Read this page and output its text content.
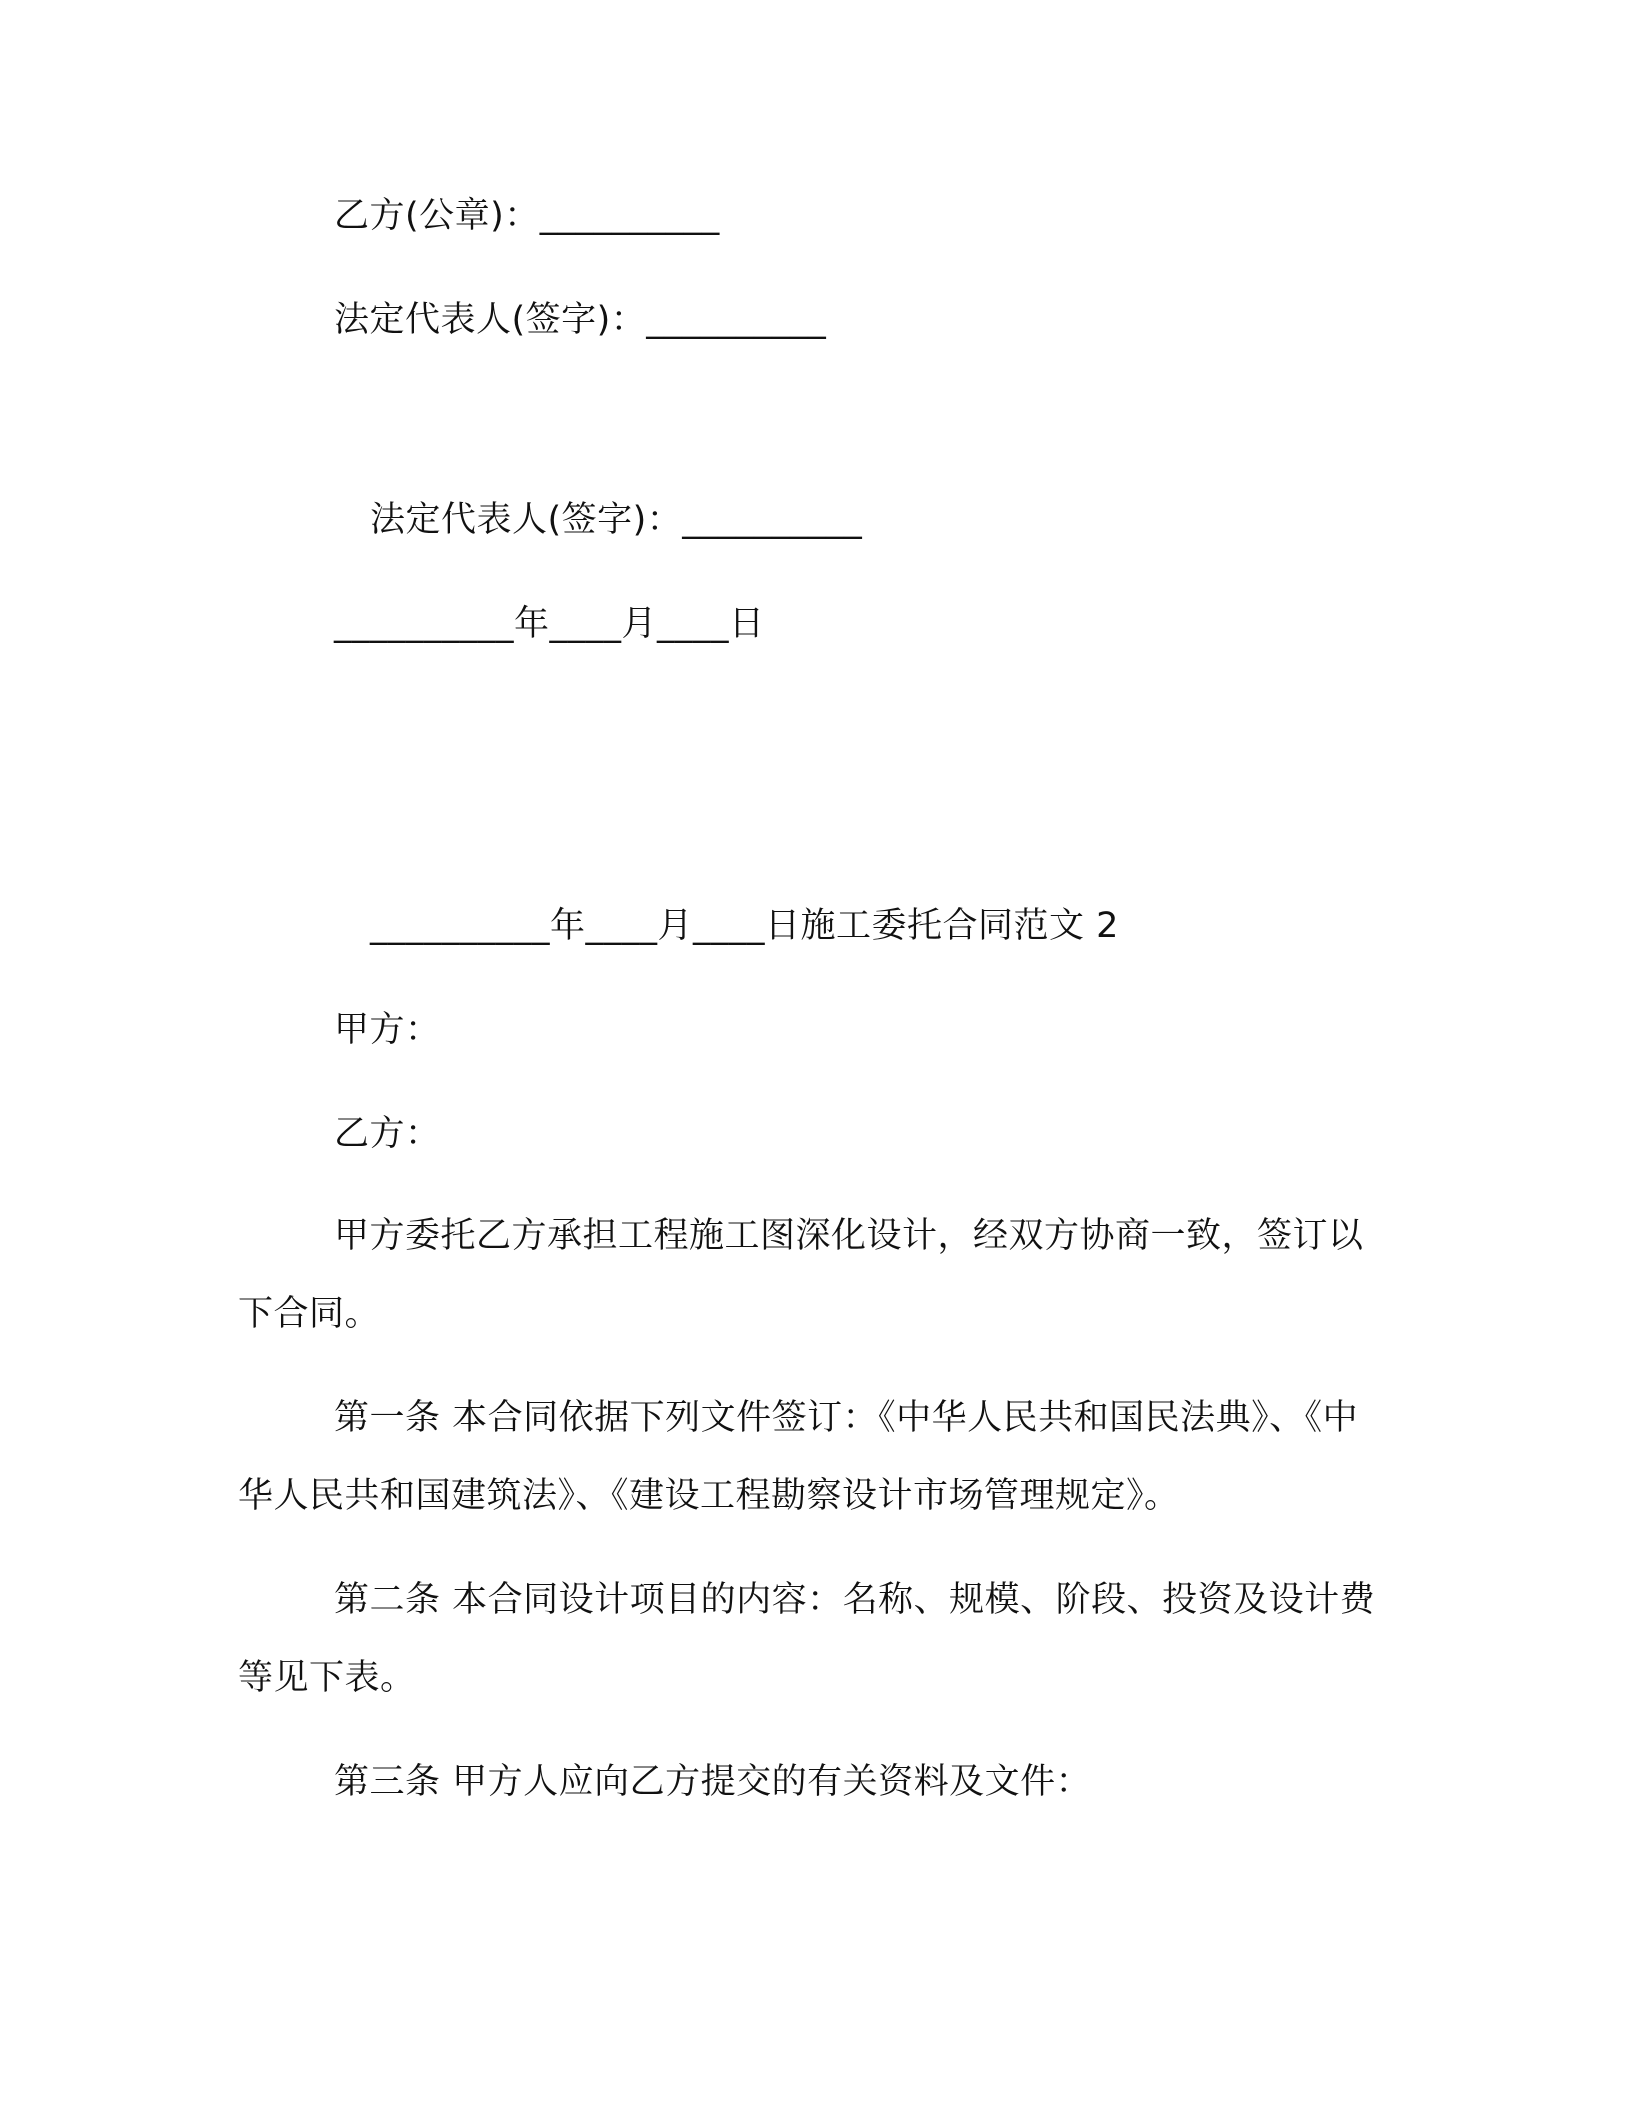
乙方(公章)：__________
法定代表人(签字)：__________
法定代表人(签字)：__________
__________年____月____日
__________年____月____日施工委托合同范文 2
甲方：
乙方：
甲方委托乙方承担工程施工图深化设计，经双方协商一致，签订以下合同。
第一条 本合同依据下列文件签订：《中华人民共和国民法典》、《中华人民共和国建筑法》、《建设工程勘察设计市场管理规定》。
第二条 本合同设计项目的内容：名称、规模、阶段、投资及设计费等见下表。
第三条 甲方人应向乙方提交的有关资料及文件：
